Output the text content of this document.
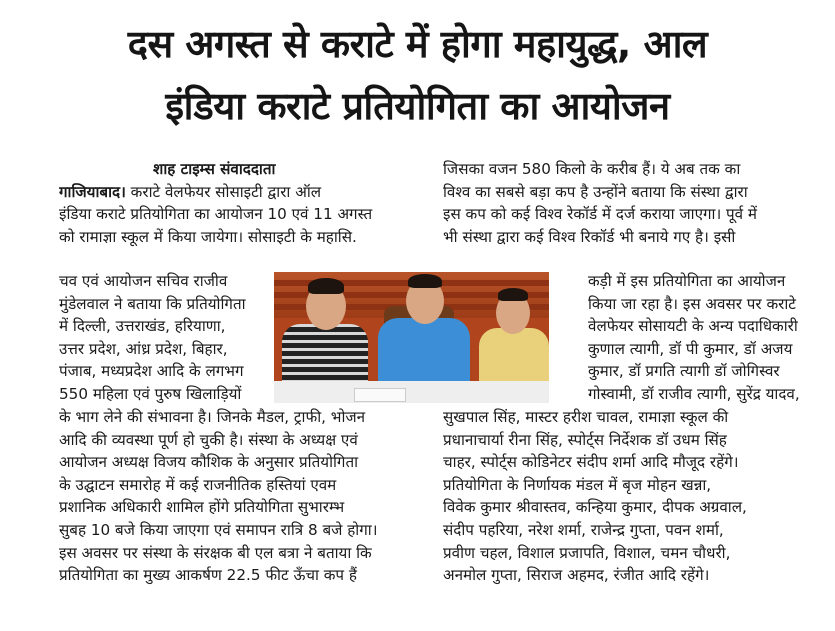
दस अगस्त से कराटे में होगा महायुद्ध, आल
इंडिया कराटे प्रतियोगिता का आयोजन
शाह टाइम्स संवाददाता
गाजियाबाद। कराटे वेलफेयर सोसाइटी द्वारा ऑल
इंडिया कराटे प्रतियोगिता का आयोजन 10 एवं 11 अगस्त
को रामाज्ञा स्कूल में किया जायेगा। सोसाइटी के महासि.
चव एवं आयोजन सचिव राजीव
मुंडेलवाल ने बताया कि प्रतियोगिता
में दिल्ली, उत्तराखंड, हरियाणा,
उत्तर प्रदेश, आंध्र प्रदेश, बिहार,
पंजाब, मध्यप्रदेश आदि के लगभग
550 महिला एवं पुरुष खिलाड़ियों
के भाग लेने की संभावना है। जिनके मैडल, ट्राफी, भोजन
आदि की व्यवस्था पूर्ण हो चुकी है। संस्था के अध्यक्ष एवं
आयोजन अध्यक्ष विजय कौशिक के अनुसार प्रतियोगिता
के उद्घाटन समारोह में कई राजनीतिक हस्तियां एवम
प्रशानिक अधिकारी शामिल होंगे प्रतियोगिता सुभारम्भ
सुबह 10 बजे किया जाएगा एवं समापन रात्रि 8 बजे होगा।
इस अवसर पर संस्था के संरक्षक बी एल बत्रा ने बताया कि
प्रतियोगिता का मुख्य आकर्षण 22.5 फीट ऊँचा कप हैं
जिसका वजन 580 किलो के करीब हैं। ये अब तक का
विश्व का सबसे बड़ा कप है उन्होंने बताया कि संस्था द्वारा
इस कप को कई विश्व रेकॉर्ड में दर्ज कराया जाएगा। पूर्व में
भी संस्था द्वारा कई विश्व रिकॉर्ड भी बनाये गए है। इसी
कड़ी में इस प्रतियोगिता का आयोजन
किया जा रहा है। इस अवसर पर कराटे
वेलफेयर सोसायटी के अन्य पदाधिकारी
कुणाल त्यागी, डॉ पी कुमार, डॉ अजय
कुमार, डॉ प्रगति त्यागी डॉ जोगिस्वर
गोस्वामी, डॉ राजीव त्यागी, सुरेंद्र यादव,
सुखपाल सिंह, मास्टर हरीश चावल, रामाज्ञा स्कूल की
प्रधानाचार्या रीना सिंह, स्पोर्ट्स निर्देशक डॉ उधम सिंह
चाहर, स्पोर्ट्स कोडिनेटर संदीप शर्मा आदि मौजूद रहेंगे।
प्रतियोगिता के निर्णायक मंडल में बृज मोहन खन्ना,
विवेक कुमार श्रीवास्तव, कन्हिया कुमार, दीपक अग्रवाल,
संदीप पहरिया, नरेश शर्मा, राजेन्द्र गुप्ता, पवन शर्मा,
प्रवीण चहल, विशाल प्रजापति, विशाल, चमन चौधरी,
अनमोल गुप्ता, सिराज अहमद, रंजीत आदि रहेंगे।
